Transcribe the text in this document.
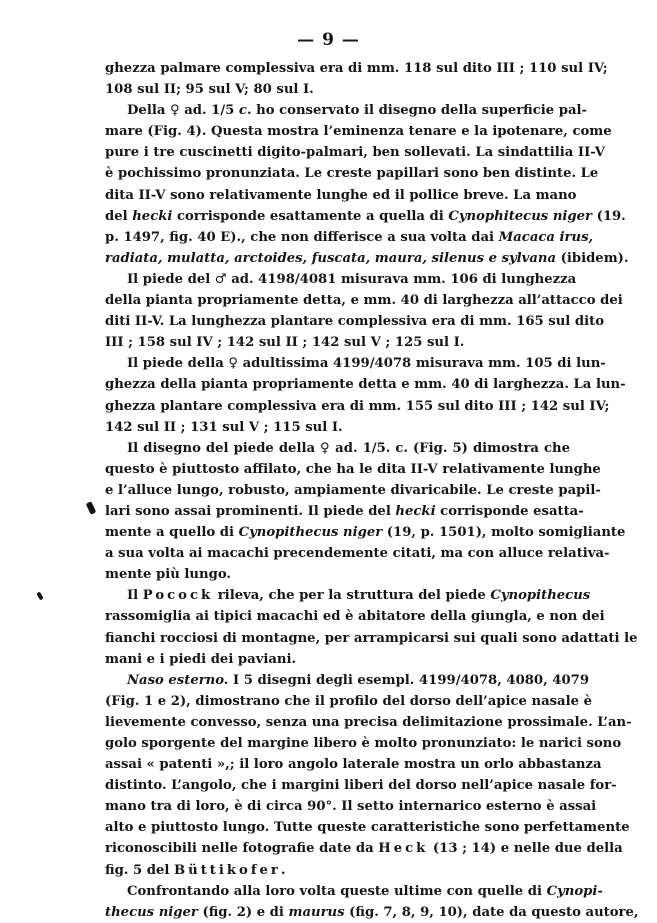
— 9 —
ghezza palmare complessiva era di mm. 118 sul dito III ; 110 sul IV;
108 sul II; 95 sul V; 80 sul I.
Della ♀ ad. 1/5 c. ho conservato il disegno della superficie pal-
mare (Fig. 4). Questa mostra l’eminenza tenare e la ipotenare, come
pure i tre cuscinetti digito-palmari, ben sollevati. La sindattilia II-V
è pochissimo pronunziata. Le creste papillari sono ben distinte. Le
dita II-V sono relativamente lunghe ed il pollice breve. La mano
del hecki corrisponde esattamente a quella di Cynophitecus niger (19.
p. 1497, fig. 40 E)., che non differisce a sua volta dai Macaca irus,
radiata, mulatta, arctoides, fuscata, maura, silenus e sylvana (ibidem).
Il piede del ♂ ad. 4198/4081 misurava mm. 106 di lunghezza
della pianta propriamente detta, e mm. 40 di larghezza all’attacco dei
diti II-V. La lunghezza plantare complessiva era di mm. 165 sul dito
III ; 158 sul IV ; 142 sul II ; 142 sul V ; 125 sul I.
Il piede della ♀ adultissima 4199/4078 misurava mm. 105 di lun-
ghezza della pianta propriamente detta e mm. 40 di larghezza. La lun-
ghezza plantare complessiva era di mm. 155 sul dito III ; 142 sul IV;
142 sul II ; 131 sul V ; 115 sul I.
Il disegno del piede della ♀ ad. 1/5. c. (Fig. 5) dimostra che
questo è piuttosto affilato, che ha le dita II-V relativamente lunghe
e l’alluce lungo, robusto, ampiamente divaricabile. Le creste papil-
lari sono assai prominenti. Il piede del hecki corrisponde esatta-
mente a quello di Cynopithecus niger (19, p. 1501), molto somigliante
a sua volta ai macachi precendemente citati, ma con alluce relativa-
mente più lungo.
Il Pocock rileva, che per la struttura del piede Cynopithecus
rassomiglia ai tipici macachi ed è abitatore della giungla, e non dei
fianchi rocciosi di montagne, per arrampicarsi sui quali sono adattati le
mani e i piedi dei paviani.
Naso esterno. I 5 disegni degli esempl. 4199/4078, 4080, 4079
(Fig. 1 e 2), dimostrano che il profilo del dorso dell’apice nasale è
lievemente convesso, senza una precisa delimitazione prossimale. L’an-
golo sporgente del margine libero è molto pronunziato: le narici sono
assai « patenti »,; il loro angolo laterale mostra un orlo abbastanza
distinto. L’angolo, che i margini liberi del dorso nell’apice nasale for-
mano tra di loro, è di circa 90°. Il setto internarico esterno è assai
alto e piuttosto lungo. Tutte queste caratteristiche sono perfettamente
riconoscibili nelle fotografie date da Heck (13 ; 14) e nelle due della
fig. 5 del Büttikofer.
Confrontando alla loro volta queste ultime con quelle di Cynopi-
thecus niger (fig. 2) e di maurus (fig. 7, 8, 9, 10), date da questo autore,
